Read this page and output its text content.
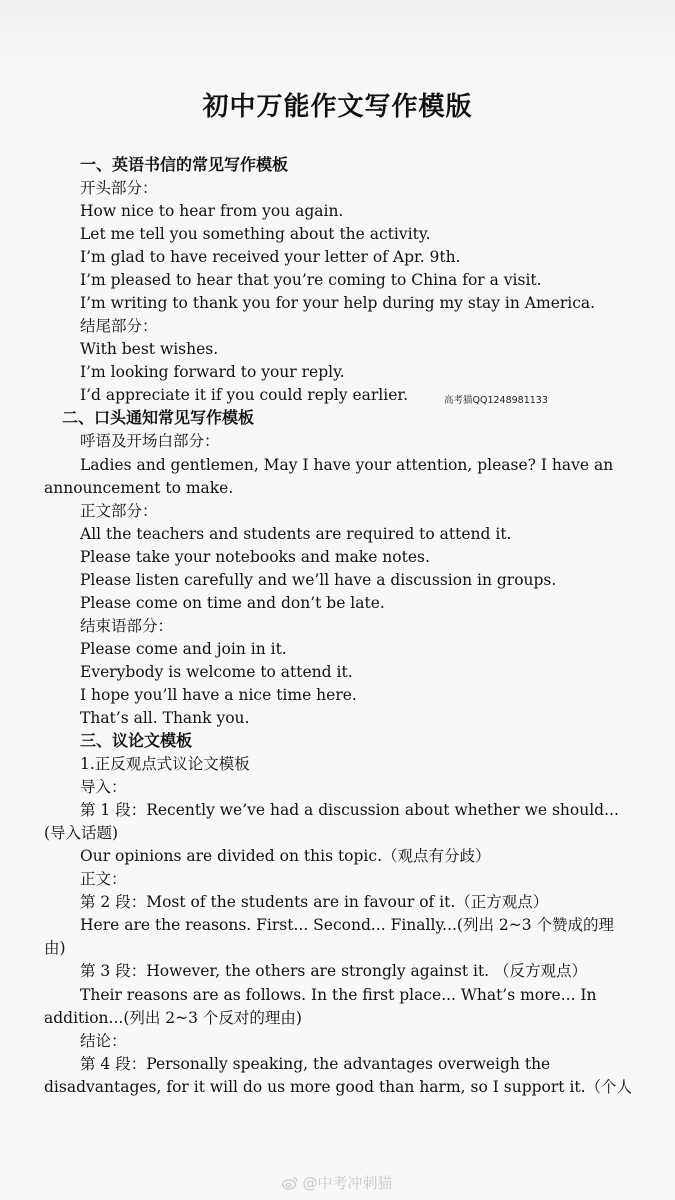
初中万能作文写作模版
一、英语书信的常见写作模板
开头部分：
How nice to hear from you again.
Let me tell you something about the activity.
I’m glad to have received your letter of Apr. 9th.
I’m pleased to hear that you’re coming to China for a visit.
I’m writing to thank you for your help during my stay in America.
结尾部分：
With best wishes.
I’m looking forward to your reply.
I’d appreciate it if you could reply earlier.
二、口头通知常见写作模板
呼语及开场白部分：
Ladies and gentlemen, May I have your attention, please? I have an
announcement to make.
正文部分：
All the teachers and students are required to attend it.
Please take your notebooks and make notes.
Please listen carefully and we’ll have a discussion in groups.
Please come on time and don’t be late.
结束语部分：
Please come and join in it.
Everybody is welcome to attend it.
I hope you’ll have a nice time here.
That’s all. Thank you.
三、议论文模板
1.正反观点式议论文模板
导入：
第 1 段：Recently we’ve had a discussion about whether we should...
(导入话题)
Our opinions are divided on this topic.（观点有分歧）
正文：
第 2 段：Most of the students are in favour of it.（正方观点）
Here are the reasons. First... Second... Finally...(列出 2~3 个赞成的理
由)
第 3 段：However, the others are strongly against it. （反方观点）
Their reasons are as follows. In the first place... What’s more... In
addition...(列出 2~3 个反对的理由)
结论：
第 4 段：Personally speaking, the advantages overweigh the
disadvantages, for it will do us more good than harm, so I support it.（个人
高考猫QQ1248981133
@中考冲刺猫
